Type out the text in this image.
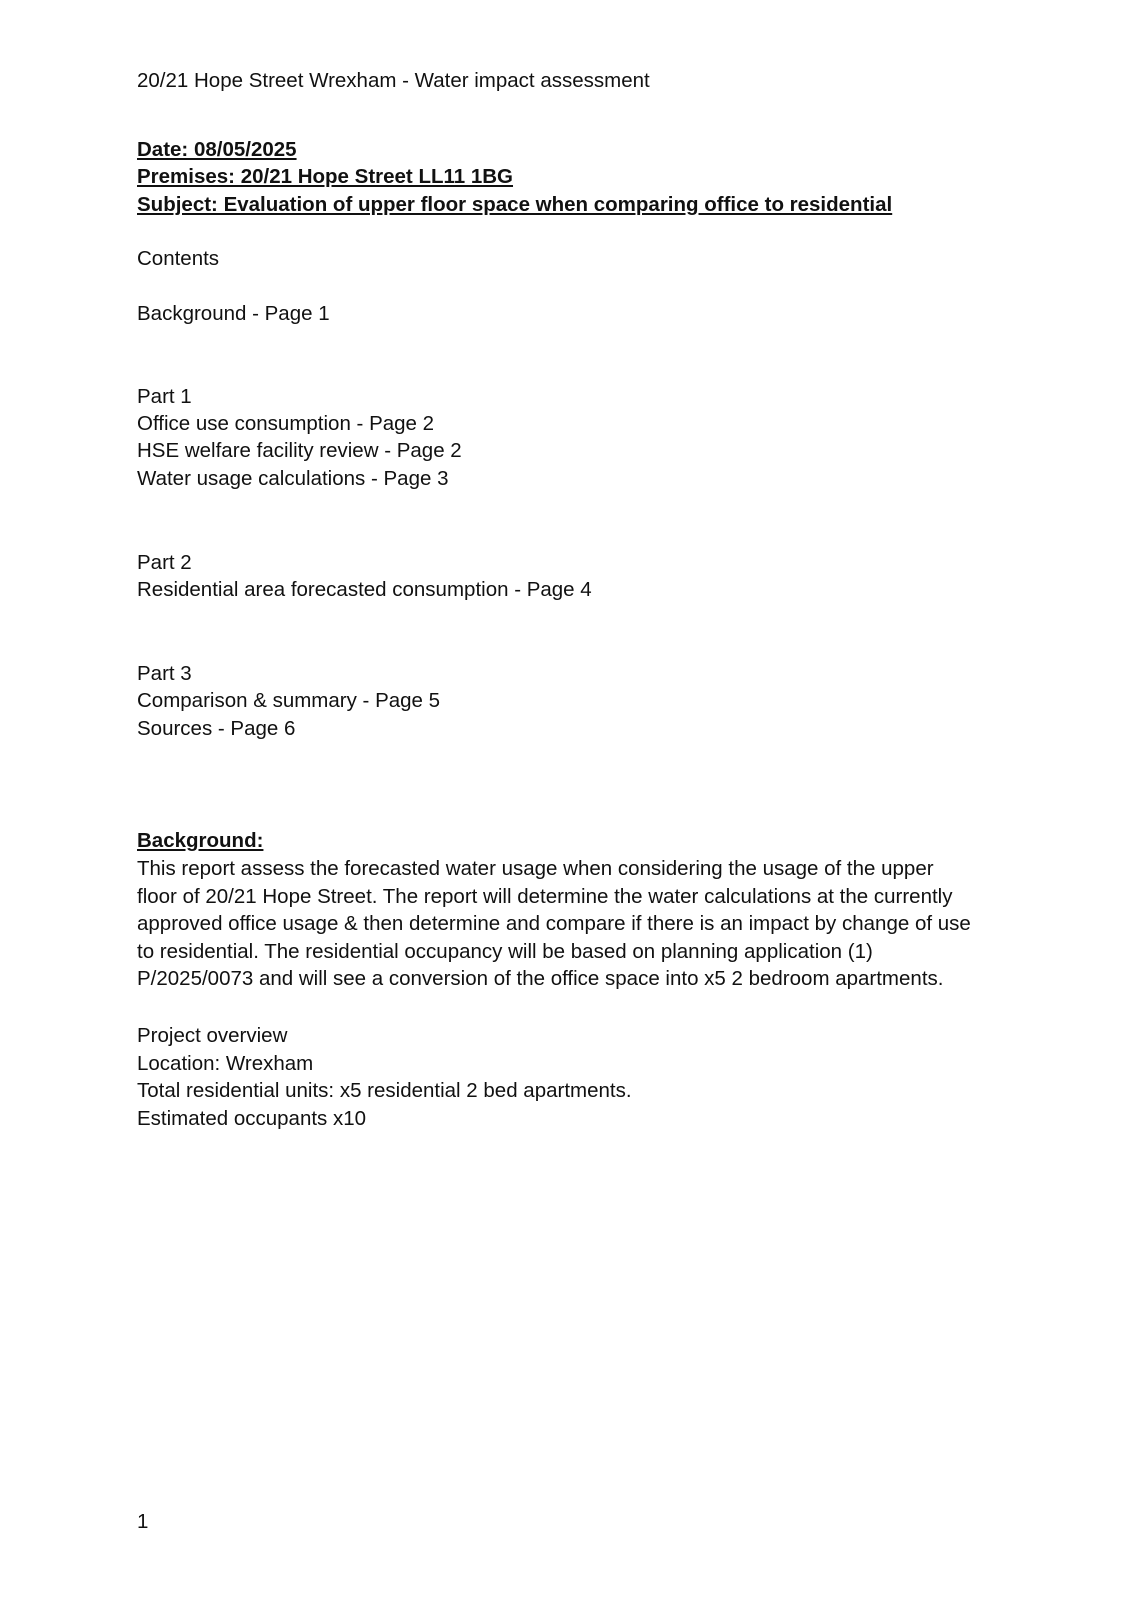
20/21 Hope Street Wrexham - Water impact assessment

Date: 08/05/2025

Premises: 20/21 Hope Street LL11 1BG

Subject: Evaluation of upper floor space when comparing office to residential

Contents

Background - Page 1

Part 1

Office use consumption - Page 2

HSE welfare facility review - Page 2

Water usage calculations - Page 3

Part 2

Residential area forecasted consumption - Page 4

Part 3

Comparison & summary - Page 5

Sources - Page 6

Background:

This report assess the forecasted water usage when considering the usage of the upper
floor of 20/21 Hope Street. The report will determine the water calculations at the currently
approved office usage & then determine and compare if there is an impact by change of use
to residential. The residential occupancy will be based on planning application (1)
P/2025/0073 and will see a conversion of the office space into x5 2 bedroom apartments.

Project overview

Location: Wrexham

Total residential units: x5 residential 2 bed apartments.

Estimated occupants x10

1
